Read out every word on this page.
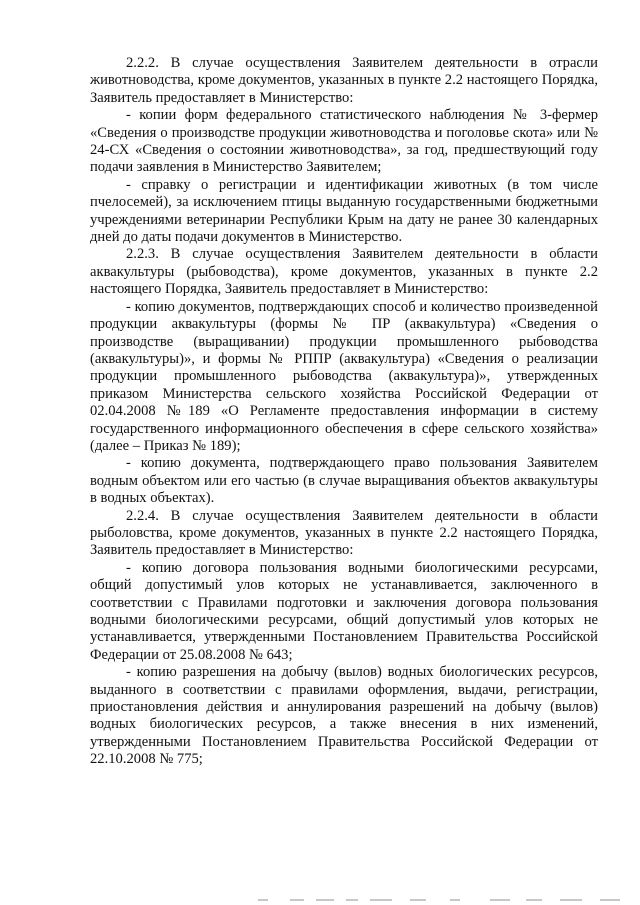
2.2.2. В случае осуществления Заявителем деятельности в отрасли животноводства, кроме документов, указанных в пункте 2.2 настоящего Порядка, Заявитель предоставляет в Министерство:

- копии форм федерального статистического наблюдения № 3-фермер «Сведения о производстве продукции животноводства и поголовье скота» или № 24-СХ «Сведения о состоянии животноводства», за год, предшествующий году подачи заявления в Министерство Заявителем;

- справку о регистрации и идентификации животных (в том числе пчелосемей), за исключением птицы выданную государственными бюджетными учреждениями ветеринарии Республики Крым на дату не ранее 30 календарных дней до даты подачи документов в Министерство.

2.2.3. В случае осуществления Заявителем деятельности в области аквакультуры (рыбоводства), кроме документов, указанных в пункте 2.2 настоящего Порядка, Заявитель предоставляет в Министерство:

- копию документов, подтверждающих способ и количество произведенной продукции аквакультуры (формы № ПР (аквакультура) «Сведения о производстве (выращивании) продукции промышленного рыбоводства (аквакультуры)», и формы № РППР (аквакультура) «Сведения о реализации продукции промышленного рыбоводства (аквакультура)», утвержденных приказом Министерства сельского хозяйства Российской Федерации от 02.04.2008 №189 «О Регламенте предоставления информации в систему государственного информационного обеспечения в сфере сельского хозяйства» (далее – Приказ № 189);

- копию документа, подтверждающего право пользования Заявителем водным объектом или его частью (в случае выращивания объектов аквакультуры в водных объектах).

2.2.4. В случае осуществления Заявителем деятельности в области рыболовства, кроме документов, указанных в пункте 2.2 настоящего Порядка, Заявитель предоставляет в Министерство:

- копию договора пользования водными биологическими ресурсами, общий допустимый улов которых не устанавливается, заключенного в соответствии с Правилами подготовки и заключения договора пользования водными биологическими ресурсами, общий допустимый улов которых не устанавливается, утвержденными Постановлением Правительства Российской Федерации от 25.08.2008 № 643;

- копию разрешения на добычу (вылов) водных биологических ресурсов, выданного в соответствии с правилами оформления, выдачи, регистрации, приостановления действия и аннулирования разрешений на добычу (вылов) водных биологических ресурсов, а также внесения в них изменений, утвержденными Постановлением Правительства Российской Федерации от 22.10.2008 № 775;
